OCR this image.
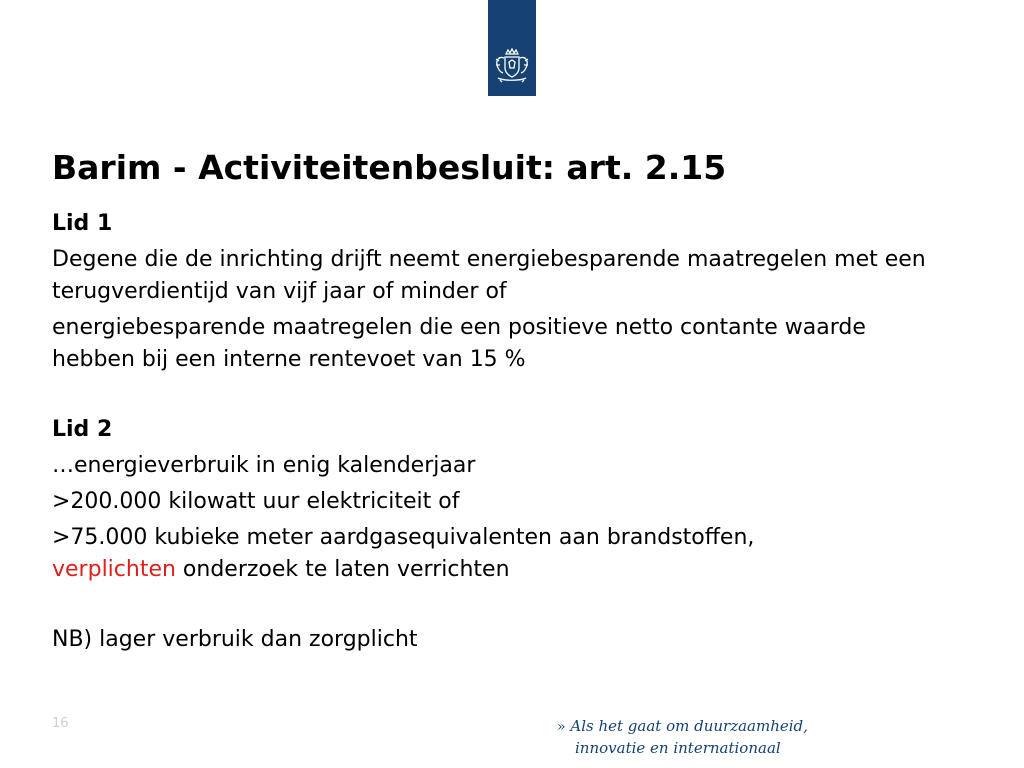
Barim - Activiteitenbesluit: art. 2.15

Lid 1

Degene die de inrichting drijft neemt energiebesparende maatregelen met een terugverdientijd van vijf jaar of minder of

energiebesparende maatregelen die een positieve netto contante waarde hebben bij een interne rentevoet van 15 %

Lid 2

…energieverbruik in enig kalenderjaar

>200.000 kilowatt uur elektriciteit of

>75.000 kubieke meter aardgasequivalenten aan brandstoffen,
verplichten onderzoek te laten verrichten

NB) lager verbruik dan zorgplicht

16	» Als het gaat om duurzaamheid,
innovatie en internationaal
